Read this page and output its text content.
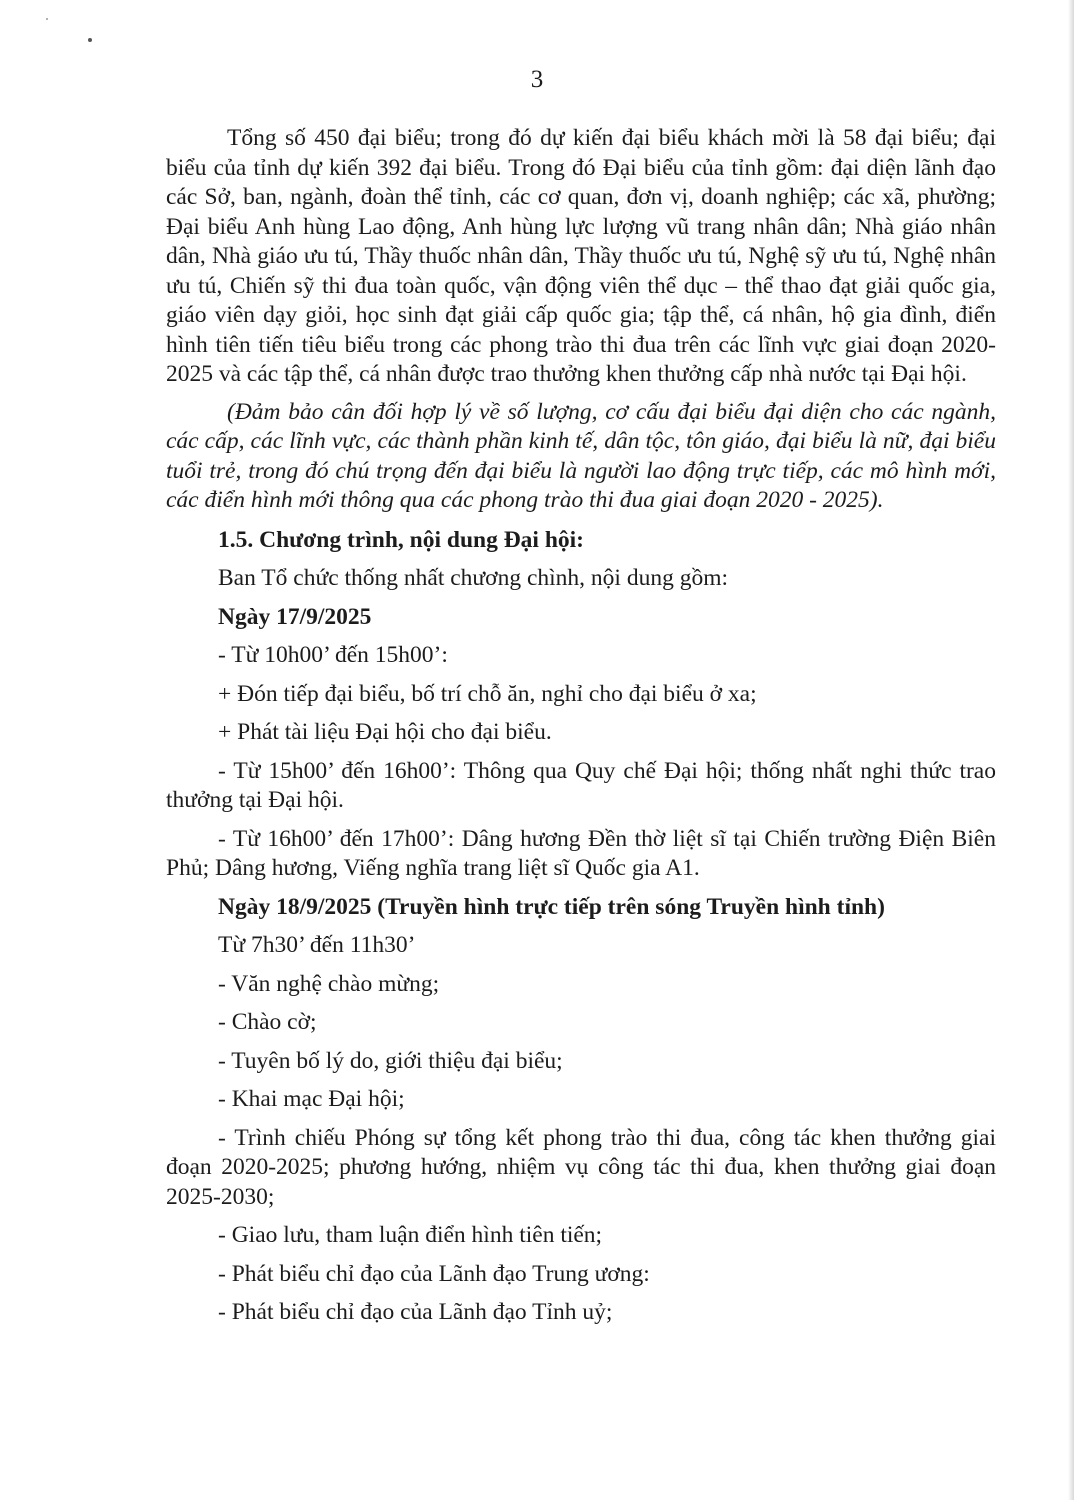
3

Tổng số 450 đại biểu; trong đó dự kiến đại biểu khách mời là 58 đại biểu; đại biểu của tỉnh dự kiến 392 đại biểu. Trong đó Đại biểu của tỉnh gồm: đại diện lãnh đạo các Sở, ban, ngành, đoàn thể tỉnh, các cơ quan, đơn vị, doanh nghiệp; các xã, phường; Đại biểu Anh hùng Lao động, Anh hùng lực lượng vũ trang nhân dân; Nhà giáo nhân dân, Nhà giáo ưu tú, Thầy thuốc nhân dân, Thầy thuốc ưu tú, Nghệ sỹ ưu tú, Nghệ nhân ưu tú, Chiến sỹ thi đua toàn quốc, vận động viên thể dục – thể thao đạt giải quốc gia, giáo viên dạy giỏi, học sinh đạt giải cấp quốc gia; tập thể, cá nhân, hộ gia đình, điển hình tiên tiến tiêu biểu trong các phong trào thi đua trên các lĩnh vực giai đoạn 2020-2025 và các tập thể, cá nhân được trao thưởng khen thưởng cấp nhà nước tại Đại hội.

(Đảm bảo cân đối hợp lý về số lượng, cơ cấu đại biểu đại diện cho các ngành, các cấp, các lĩnh vực, các thành phần kinh tế, dân tộc, tôn giáo, đại biểu là nữ, đại biểu tuổi trẻ, trong đó chú trọng đến đại biểu là người lao động trực tiếp, các mô hình mới, các điển hình mới thông qua các phong trào thi đua giai đoạn 2020 - 2025).

1.5. Chương trình, nội dung Đại hội:

Ban Tổ chức thống nhất chương chình, nội dung gồm:

Ngày 17/9/2025

- Từ 10h00’ đến 15h00’:

+ Đón tiếp đại biểu, bố trí chỗ ăn, nghỉ cho đại biểu ở xa;

+ Phát tài liệu Đại hội cho đại biểu.

- Từ 15h00’ đến 16h00’: Thông qua Quy chế Đại hội; thống nhất nghi thức trao thưởng tại Đại hội.

- Từ 16h00’ đến 17h00’: Dâng hương Đền thờ liệt sĩ tại Chiến trường Điện Biên Phủ; Dâng hương, Viếng nghĩa trang liệt sĩ Quốc gia A1.

Ngày 18/9/2025 (Truyền hình trực tiếp trên sóng Truyền hình tỉnh)

Từ 7h30’ đến 11h30’

- Văn nghệ chào mừng;

- Chào cờ;

- Tuyên bố lý do, giới thiệu đại biểu;

- Khai mạc Đại hội;

- Trình chiếu Phóng sự tổng kết phong trào thi đua, công tác khen thưởng giai đoạn 2020-2025; phương hướng, nhiệm vụ công tác thi đua, khen thưởng giai đoạn 2025-2030;

- Giao lưu, tham luận điển hình tiên tiến;

- Phát biểu chỉ đạo của Lãnh đạo Trung ương:

- Phát biểu chỉ đạo của Lãnh đạo Tỉnh uỷ;
